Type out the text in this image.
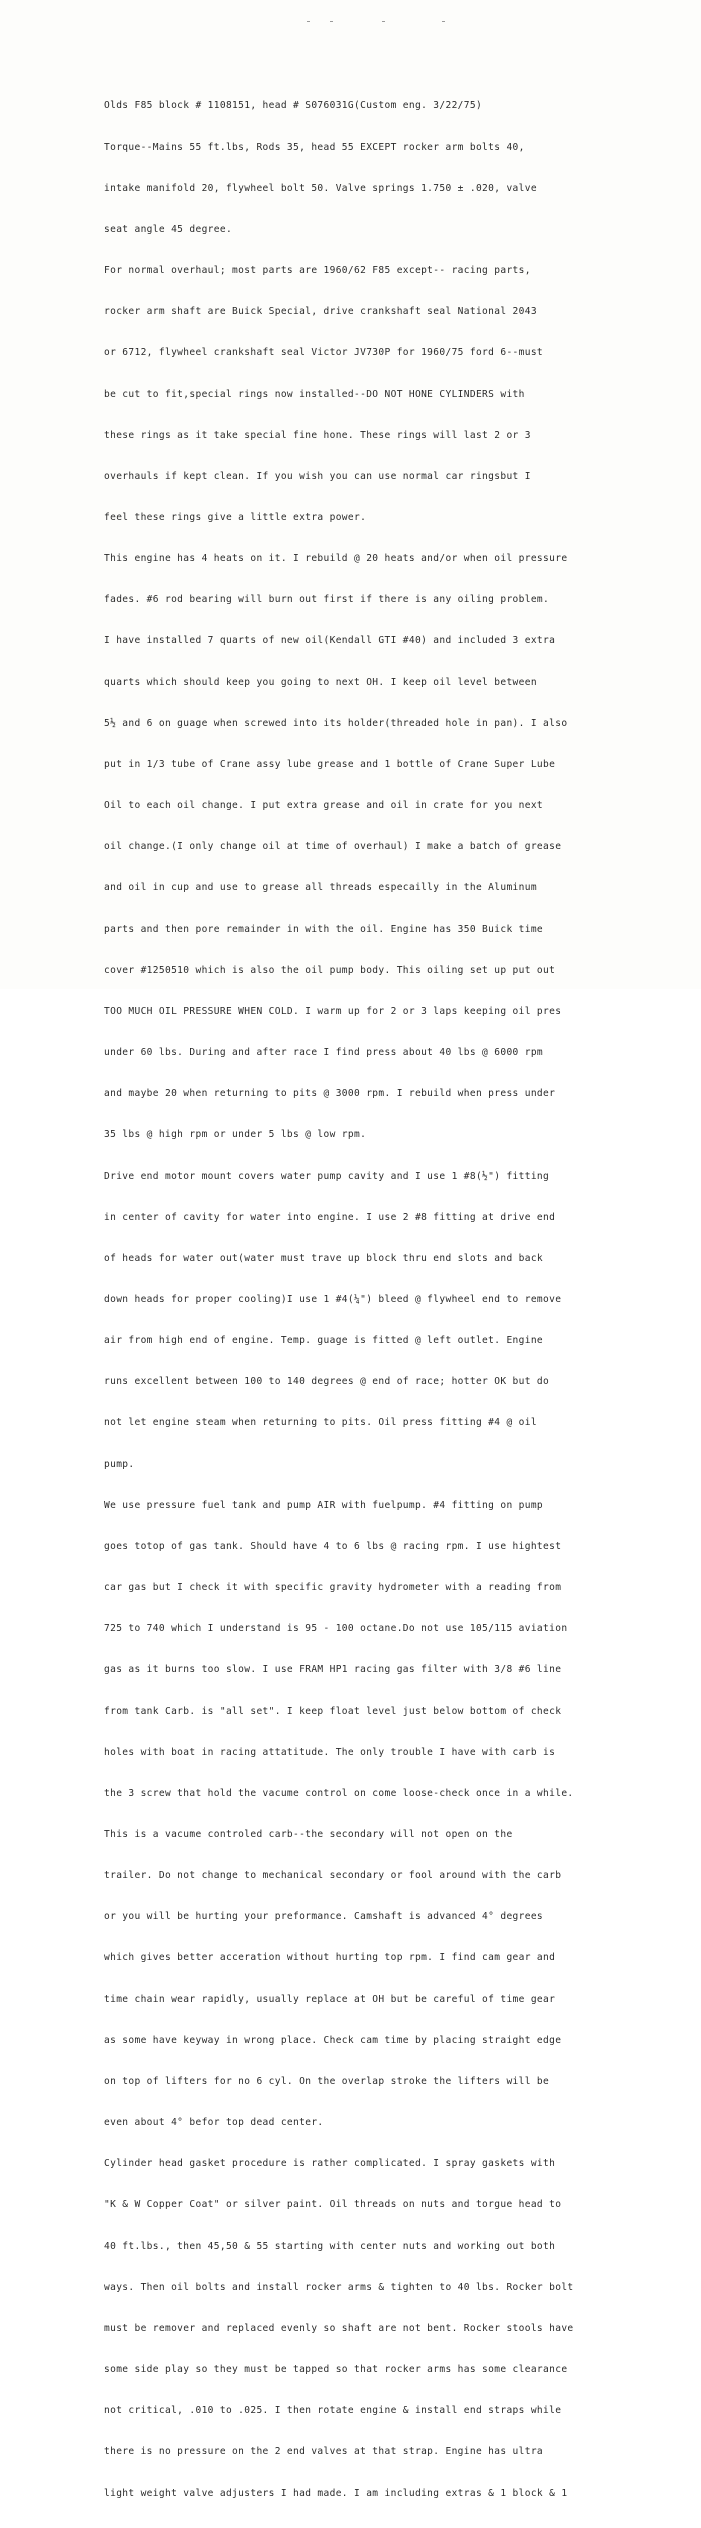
Olds F85 block # 1108151, head # S076031G(Custom eng. 3/22/75)

Torque--Mains 55 ft.lbs, Rods 35, head 55 EXCEPT rocker arm bolts 40,

intake manifold 20, flywheel bolt 50. Valve springs 1.750 ± .020, valve

seat angle 45 degree.

For normal overhaul; most parts are 1960/62 F85 except-- racing parts,

rocker arm shaft are Buick Special, drive crankshaft seal National 2043

or 6712, flywheel crankshaft seal Victor JV730P for 1960/75 ford 6--must

be cut to fit,special rings now installed--DO NOT HONE CYLINDERS with

these rings as it take special fine hone. These rings will last 2 or 3

overhauls if kept clean. If you wish you can use normal car ringsbut I

feel these rings give a little extra power.

This engine has 4 heats on it. I rebuild @ 20 heats and/or when oil pressure

fades. #6 rod bearing will burn out first if there is any oiling problem.

I have installed 7 quarts of new oil(Kendall GTI #40) and included 3 extra

quarts which should keep you going to next OH. I keep oil level between

5½ and 6 on guage when screwed into its holder(threaded hole in pan). I also

put in 1/3 tube of Crane assy lube grease and 1 bottle of Crane Super Lube

Oil to each oil change. I put extra grease and oil in crate for you next

oil change.(I only change oil at time of overhaul) I make a batch of grease

and oil in cup and use to grease all threads especailly in the Aluminum

parts and then pore remainder in with the oil. Engine has 350 Buick time

cover #1250510 which is also the oil pump body. This oiling set up put out

TOO MUCH OIL PRESSURE WHEN COLD. I warm up for 2 or 3 laps keeping oil pres

under 60 lbs. During and after race I find press about 40 lbs @ 6000 rpm

and maybe 20 when returning to pits @ 3000 rpm. I rebuild when press under

35 lbs @ high rpm or under 5 lbs @ low rpm.

Drive end motor mount covers water pump cavity and I use 1 #8(½") fitting

in center of cavity for water into engine. I use 2 #8 fitting at drive end

of heads for water out(water must trave up block thru end slots and back

down heads for proper cooling)I use 1 #4(¼") bleed @ flywheel end to remove

air from high end of engine. Temp. guage is fitted @ left outlet. Engine

runs excellent between 100 to 140 degrees @ end of race; hotter OK but do

not let engine steam when returning to pits. Oil press fitting #4 @ oil

pump.

We use pressure fuel tank and pump AIR with fuelpump. #4 fitting on pump

goes totop of gas tank. Should have 4 to 6 lbs @ racing rpm. I use hightest

car gas but I check it with specific gravity hydrometer with a reading from

725 to 740 which I understand is 95 - 100 octane.Do not use 105/115 aviation

gas as it burns too slow. I use FRAM HP1 racing gas filter with 3/8 #6 line

from tank Carb. is "all set". I keep float level just below bottom of check

holes with boat in racing attatitude. The only trouble I have with carb is

the 3 screw that hold the vacume control on come loose-check once in a while.

This is a vacume controled carb--the secondary will not open on the

trailer. Do not change to mechanical secondary or fool around with the carb

or you will be hurting your preformance. Camshaft is advanced 4° degrees

which gives better acceration without hurting top rpm. I find cam gear and

time chain wear rapidly, usually replace at OH but be careful of time gear

as some have keyway in wrong place. Check cam time by placing straight edge

on top of lifters for no 6 cyl. On the overlap stroke the lifters will be

even about 4° befor top dead center.

Cylinder head gasket procedure is rather complicated. I spray gaskets with

"K & W Copper Coat" or silver paint. Oil threads on nuts and torgue head to

40 ft.lbs., then 45,50 & 55 starting with center nuts and working out both

ways. Then oil bolts and install rocker arms & tighten to 40 lbs. Rocker bolt

must be remover and replaced evenly so shaft are not bent. Rocker stools have

some side play so they must be tapped so that rocker arms has some clearance

not critical, .010 to .025. I then rotate engine & install end straps while

there is no pressure on the 2 end valves at that strap. Engine has ultra

light weight valve adjusters I had made. I am including extras & 1 block & 1
